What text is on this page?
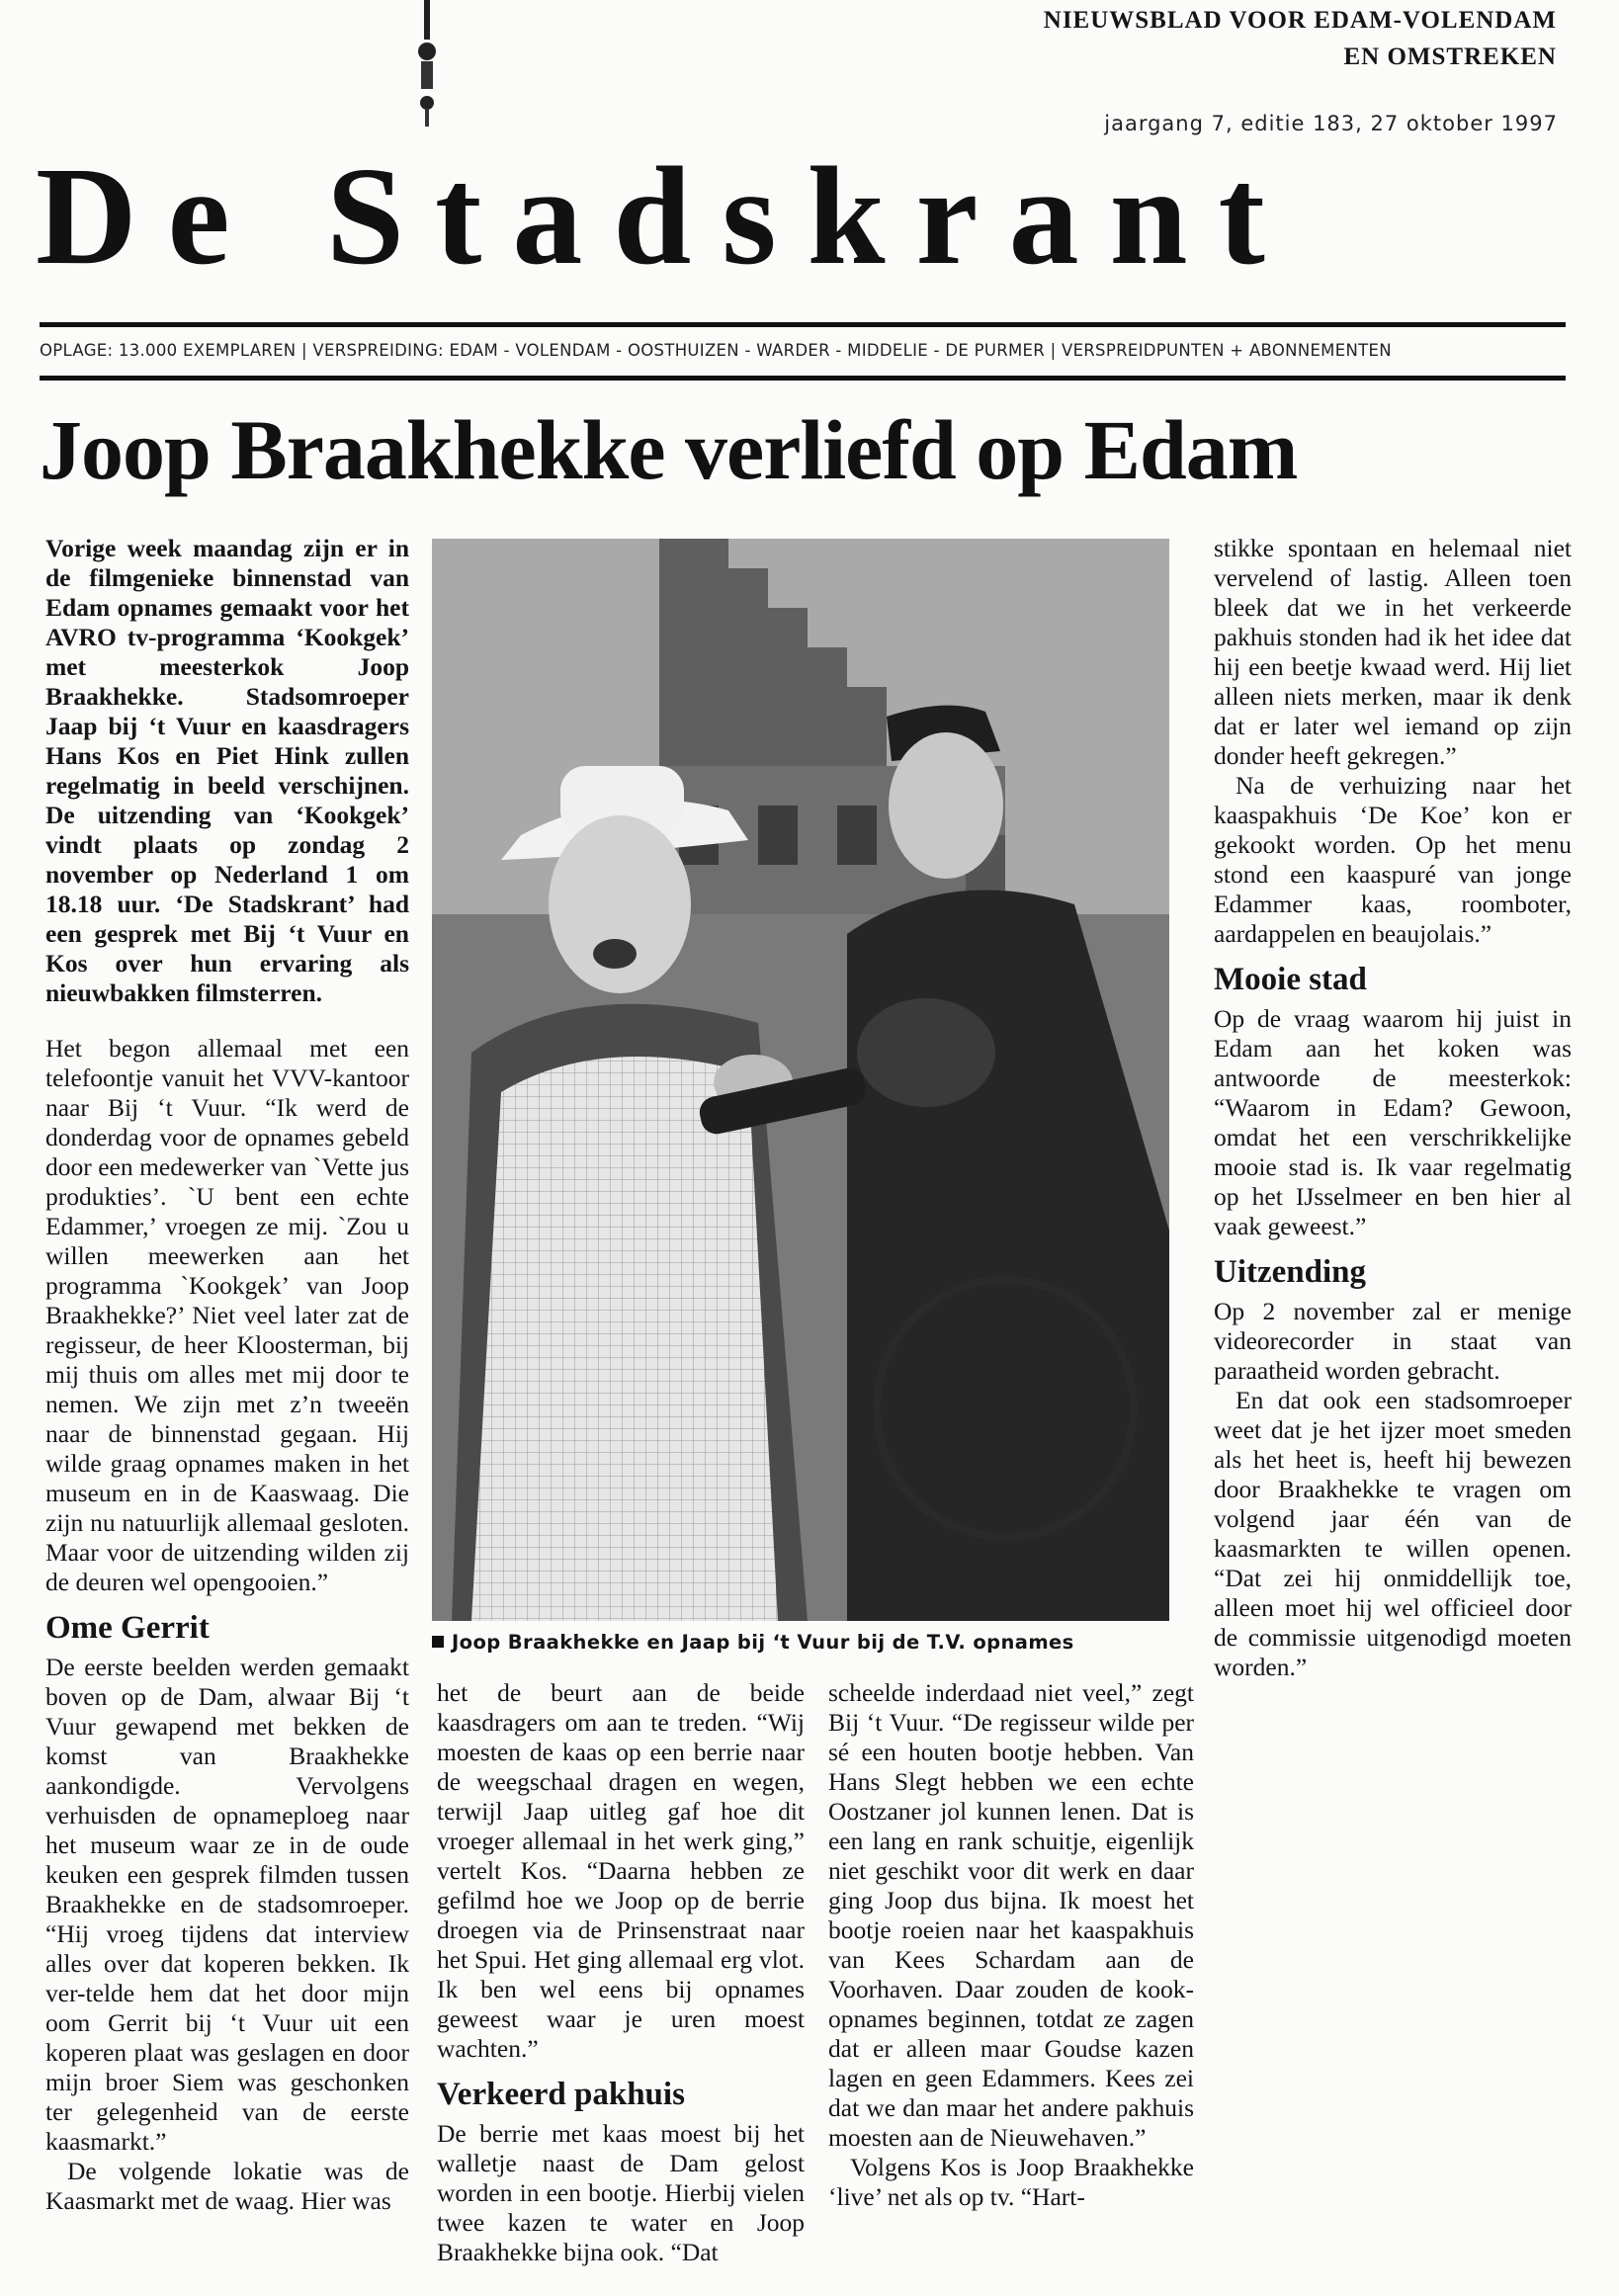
NIEUWSBLAD VOOR EDAM-VOLENDAM
EN OMSTREKEN
jaargang 7, editie 183, 27 oktober 1997
De Stadskrant
OPLAGE: 13.000 EXEMPLAREN | VERSPREIDING: EDAM - VOLENDAM - OOSTHUIZEN - WARDER - MIDDELIE - DE PURMER | VERSPREIDPUNTEN + ABONNEMENTEN
Joop Braakhekke verliefd op Edam

Vorige week maandag zijn er in de filmgenieke binnenstad van Edam opnames gemaakt voor het AVRO tv-programma ‘Kookgek’ met meesterkok Joop Braakhekke. Stadsomroeper Jaap bij ‘t Vuur en kaasdragers Hans Kos en Piet Hink zullen regelmatig in beeld verschijnen. De uitzending van ‘Kookgek’ vindt plaats op zondag 2 november op Nederland 1 om 18.18 uur. ‘De Stadskrant’ had een gesprek met Bij ‘t Vuur en Kos over hun ervaring als nieuwbakken filmsterren.

Het begon allemaal met een telefoontje vanuit het VVV-kantoor naar Bij ‘t Vuur. “Ik werd de donderdag voor de opnames gebeld door een medewerker van `Vette jus produkties’. `U bent een echte Edammer,’ vroegen ze mij. `Zou u willen meewerken aan het programma `Kookgek’ van Joop Braakhekke?’ Niet veel later zat de regisseur, de heer Kloosterman, bij mij thuis om alles met mij door te nemen. We zijn met z’n tweeën naar de binnenstad gegaan. Hij wilde graag opnames maken in het museum en in de Kaaswaag. Die zijn nu natuurlijk allemaal gesloten. Maar voor de uitzending wilden zij de deuren wel opengooien.”

Ome Gerrit

De eerste beelden werden gemaakt boven op de Dam, alwaar Bij ‘t Vuur gewapend met bekken de komst van Braakhekke aankondigde. Vervolgens verhuisden de opnameploeg naar het museum waar ze in de oude keuken een gesprek filmden tussen Braakhekke en de stadsomroeper. “Hij vroeg tijdens dat interview alles over dat koperen bekken. Ik ver-telde hem dat het door mijn oom Gerrit bij ‘t Vuur uit een koperen plaat was geslagen en door mijn broer Siem was geschonken ter gelegenheid van de eerste kaasmarkt.”

De volgende lokatie was de Kaasmarkt met de waag. Hier was

Joop Braakhekke en Jaap bij ‘t Vuur bij de T.V. opnames

het de beurt aan de beide kaasdragers om aan te treden. “Wij moesten de kaas op een berrie naar de weegschaal dragen en wegen, terwijl Jaap uitleg gaf hoe dit vroeger allemaal in het werk ging,” vertelt Kos. “Daarna hebben ze gefilmd hoe we Joop op de berrie droegen via de Prinsenstraat naar het Spui. Het ging allemaal erg vlot. Ik ben wel eens bij opnames geweest waar je uren moest wachten.”

Verkeerd pakhuis

De berrie met kaas moest bij het walletje naast de Dam gelost worden in een bootje. Hierbij vielen twee kazen te water en Joop Braakhekke bijna ook. “Dat

scheelde inderdaad niet veel,” zegt Bij ‘t Vuur. “De regisseur wilde per sé een houten bootje hebben. Van Hans Slegt hebben we een echte Oostzaner jol kunnen lenen. Dat is een lang en rank schuitje, eigenlijk niet geschikt voor dit werk en daar ging Joop dus bijna. Ik moest het bootje roeien naar het kaaspakhuis van Kees Schardam aan de Voorhaven. Daar zouden de kook-opnames beginnen, totdat ze zagen dat er alleen maar Goudse kazen lagen en geen Edammers. Kees zei dat we dan maar het andere pakhuis moesten aan de Nieuwehaven.”

Volgens Kos is Joop Braakhekke ‘live’ net als op tv. “Hart-

stikke spontaan en helemaal niet vervelend of lastig. Alleen toen bleek dat we in het verkeerde pakhuis stonden had ik het idee dat hij een beetje kwaad werd. Hij liet alleen niets merken, maar ik denk dat er later wel iemand op zijn donder heeft gekregen.”

Na de verhuizing naar het kaaspakhuis ‘De Koe’ kon er gekookt worden. Op het menu stond een kaaspuré van jonge Edammer kaas, roomboter, aardappelen en beaujolais.”

Mooie stad

Op de vraag waarom hij juist in Edam aan het koken was antwoorde de meesterkok: “Waarom in Edam? Gewoon, omdat het een verschrikkelijke mooie stad is. Ik vaar regelmatig op het IJsselmeer en ben hier al vaak geweest.”

Uitzending

Op 2 november zal er menige videorecorder in staat van paraatheid worden gebracht.

En dat ook een stadsomroeper weet dat je het ijzer moet smeden als het heet is, heeft hij bewezen door Braakhekke te vragen om volgend jaar één van de kaasmarkten te willen openen. “Dat zei hij onmiddellijk toe, alleen moet hij wel officieel door de commissie uitgenodigd moeten worden.”
